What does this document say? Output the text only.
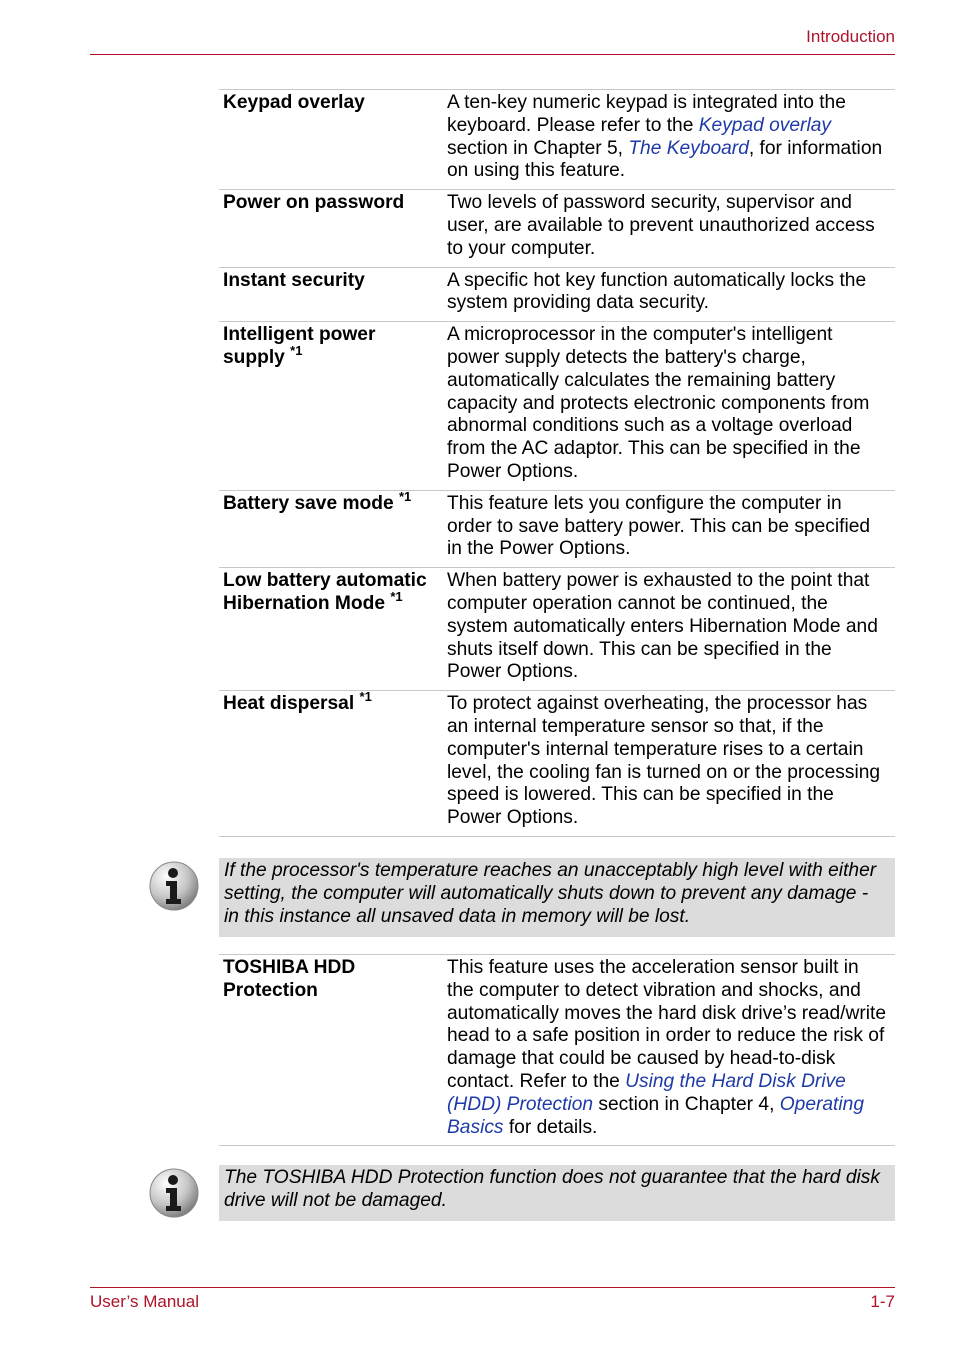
Introduction
Keypad overlay	A ten-key numeric keypad is integrated into the keyboard. Please refer to the Keypad overlay section in Chapter 5, The Keyboard, for information on using this feature.
Power on password	Two levels of password security, supervisor and user, are available to prevent unauthorized access to your computer.
Instant security	A specific hot key function automatically locks the system providing data security.
Intelligent power supply $^{*1}$	A microprocessor in the computer's intelligent power supply detects the battery's charge, automatically calculates the remaining battery capacity and protects electronic components from abnormal conditions such as a voltage overload from the AC adaptor. This can be specified in the Power Options.
Battery save mode $^{*1}$	This feature lets you configure the computer in order to save battery power. This can be specified in the Power Options.
Low battery automatic Hibernation Mode $^{*1}$	When battery power is exhausted to the point that computer operation cannot be continued, the system automatically enters Hibernation Mode and shuts itself down. This can be specified in the Power Options.
Heat dispersal $^{*1}$	To protect against overheating, the processor has an internal temperature sensor so that, if the computer's internal temperature rises to a certain level, the cooling fan is turned on or the processing speed is lowered. This can be specified in the Power Options.
If the processor's temperature reaches an unacceptably high level with either setting, the computer will automatically shuts down to prevent any damage - in this instance all unsaved data in memory will be lost.
TOSHIBA HDD Protection	This feature uses the acceleration sensor built in the computer to detect vibration and shocks, and automatically moves the hard disk drive’s read/write head to a safe position in order to reduce the risk of damage that could be caused by head-to-disk contact. Refer to the Using the Hard Disk Drive (HDD) Protection section in Chapter 4, Operating Basics for details.
The TOSHIBA HDD Protection function does not guarantee that the hard disk drive will not be damaged.
User’s Manual	1-7
